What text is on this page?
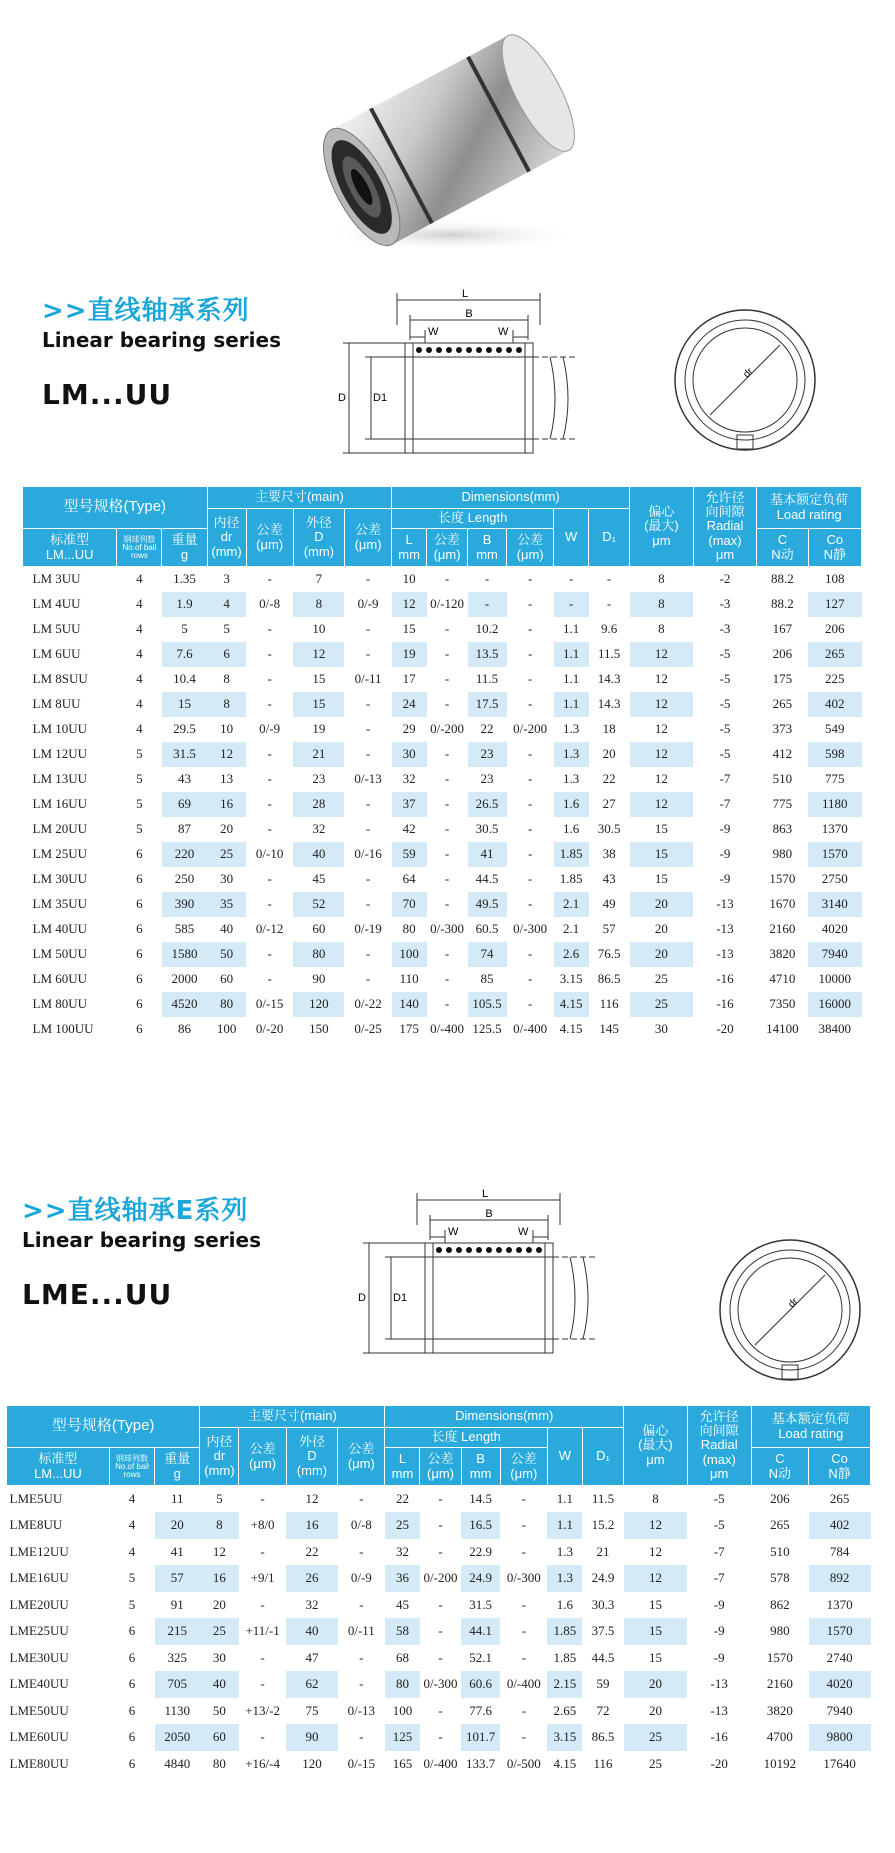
>>直线轴承系列
Linear bearing series
LM...UU
L
B
W	W
D D1
dr
型号规格(Type)			主要尺寸(main)				Dimensions(mm)						偏心
(最大)
μm	允许径
向间隙
Radial
(max)
μm	基本额定负荷
Load rating	
			内径
dr
(mm)	公差
(μm)	外径
D
(mm)	公差
(μm)	长度 Length				W	D₁				
标准型
LM...UU	钢球列数
No.of ball rows	重量
g					L
mm	公差
(μm)	B
mm	公差
(μm)					C
N动	Co
N静
LM 3UU	4	1.35	3	-	7	-	10	-	-	-	-	-	8	-2	88.2	108
LM 4UU	4	1.9	4	0/-8	8	0/-9	12	0/-120	-	-	-	-	8	-3	88.2	127
LM 5UU	4	5	5	-	10	-	15	-	10.2	-	1.1	9.6	8	-3	167	206
LM 6UU	4	7.6	6	-	12	-	19	-	13.5	-	1.1	11.5	12	-5	206	265
LM 8SUU	4	10.4	8	-	15	0/-11	17	-	11.5	-	1.1	14.3	12	-5	175	225
LM 8UU	4	15	8	-	15	-	24	-	17.5	-	1.1	14.3	12	-5	265	402
LM 10UU	4	29.5	10	0/-9	19	-	29	0/-200	22	0/-200	1.3	18	12	-5	373	549
LM 12UU	5	31.5	12	-	21	-	30	-	23	-	1.3	20	12	-5	412	598
LM 13UU	5	43	13	-	23	0/-13	32	-	23	-	1.3	22	12	-7	510	775
LM 16UU	5	69	16	-	28	-	37	-	26.5	-	1.6	27	12	-7	775	1180
LM 20UU	5	87	20	-	32	-	42	-	30.5	-	1.6	30.5	15	-9	863	1370
LM 25UU	6	220	25	0/-10	40	0/-16	59	-	41	-	1.85	38	15	-9	980	1570
LM 30UU	6	250	30	-	45	-	64	-	44.5	-	1.85	43	15	-9	1570	2750
LM 35UU	6	390	35	-	52	-	70	-	49.5	-	2.1	49	20	-13	1670	3140
LM 40UU	6	585	40	0/-12	60	0/-19	80	0/-300	60.5	0/-300	2.1	57	20	-13	2160	4020
LM 50UU	6	1580	50	-	80	-	100	-	74	-	2.6	76.5	20	-13	3820	7940
LM 60UU	6	2000	60	-	90	-	110	-	85	-	3.15	86.5	25	-16	4710	10000
LM 80UU	6	4520	80	0/-15	120	0/-22	140	-	105.5	-	4.15	116	25	-16	7350	16000
LM 100UU	6	86	100	0/-20	150	0/-25	175	0/-400	125.5	0/-400	4.15	145	30	-20	14100	38400
>>直线轴承E系列
Linear bearing series
LME...UU
L
B
W	W
D D1	dr
型号规格(Type)			主要尺寸(main)				Dimensions(mm)						偏心
(最大)
μm	允许径
向间隙
Radial
(max)
μm	基本额定负荷
Load rating	
			内径
dr
(mm)	公差
(μm)	外径
D
(mm)	公差
(μm)	长度 Length				W	D₁				
标准型
LM...UU	钢球列数
No.of ball rows	重量
g					L
mm	公差
(μm)	B
mm	公差
(μm)					C
N动	Co
N静
LME5UU	4	11	5	-	12	-	22	-	14.5	-	1.1	11.5	8	-5	206	265
LME8UU	4	20	8	+8/0	16	0/-8	25	-	16.5	-	1.1	15.2	12	-5	265	402
LME12UU	4	41	12	-	22	-	32	-	22.9	-	1.3	21	12	-7	510	784
LME16UU	5	57	16	+9/1	26	0/-9	36	0/-200	24.9	0/-300	1.3	24.9	12	-7	578	892
LME20UU	5	91	20	-	32	-	45	-	31.5	-	1.6	30.3	15	-9	862	1370
LME25UU	6	215	25	+11/-1	40	0/-11	58	-	44.1	-	1.85	37.5	15	-9	980	1570
LME30UU	6	325	30	-	47	-	68	-	52.1	-	1.85	44.5	15	-9	1570	2740
LME40UU	6	705	40	-	62	-	80	0/-300	60.6	0/-400	2.15	59	20	-13	2160	4020
LME50UU	6	1130	50	+13/-2	75	0/-13	100	-	77.6	-	2.65	72	20	-13	3820	7940
LME60UU	6	2050	60	-	90	-	125	-	101.7	-	3.15	86.5	25	-16	4700	9800
LME80UU	6	4840	80	+16/-4	120	0/-15	165	0/-400	133.7	0/-500	4.15	116	25	-20	10192	17640
